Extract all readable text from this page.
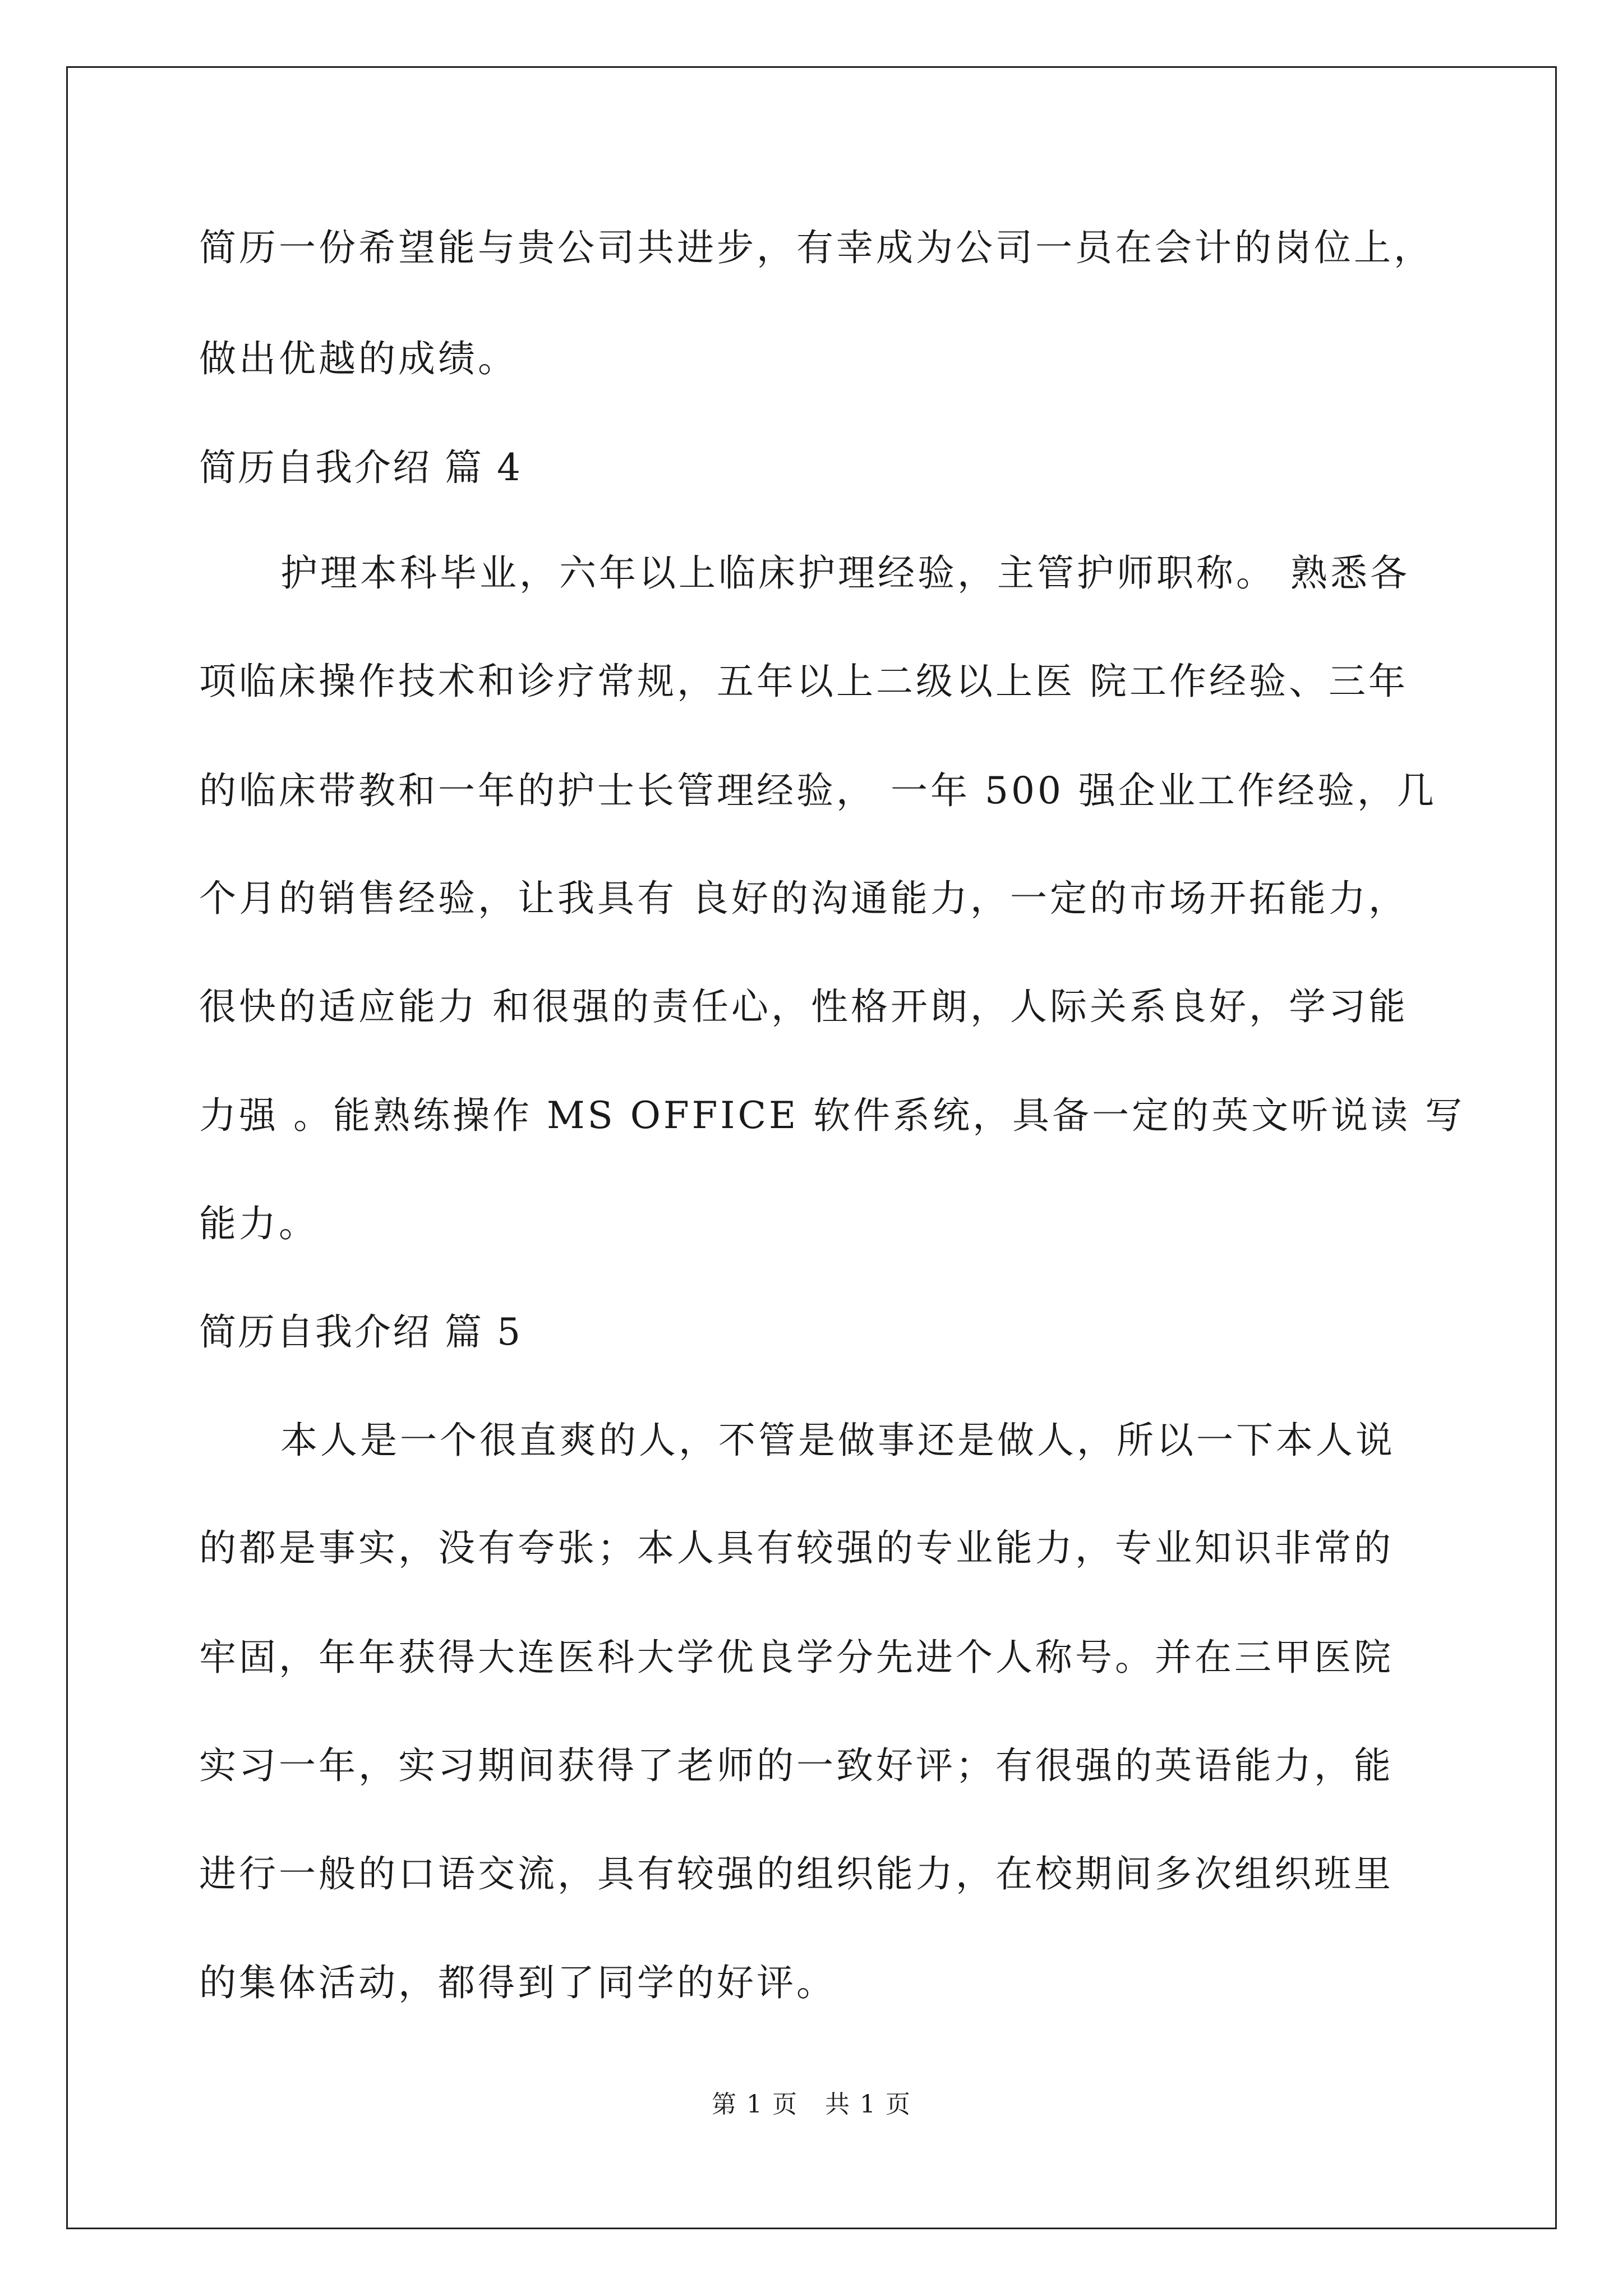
简历一份希望能与贵公司共进步，有幸成为公司一员在会计的岗位上，
做出优越的成绩。
简历自我介绍 篇 4
护理本科毕业，六年以上临床护理经验，主管护师职称。 熟悉各
项临床操作技术和诊疗常规，五年以上二级以上医 院工作经验、三年
的临床带教和一年的护士长管理经验， 一年 500 强企业工作经验，几
个月的销售经验，让我具有 良好的沟通能力，一定的市场开拓能力，
很快的适应能力 和很强的责任心，性格开朗，人际关系良好，学习能
力强 。能熟练操作 MS OFFICE 软件系统，具备一定的英文听说读 写
能力。
简历自我介绍 篇 5
本人是一个很直爽的人，不管是做事还是做人，所以一下本人说
的都是事实，没有夸张；本人具有较强的专业能力，专业知识非常的
牢固，年年获得大连医科大学优良学分先进个人称号。并在三甲医院
实习一年，实习期间获得了老师的一致好评；有很强的英语能力，能
进行一般的口语交流，具有较强的组织能力，在校期间多次组织班里
的集体活动，都得到了同学的好评。
第 1 页   共 1 页
